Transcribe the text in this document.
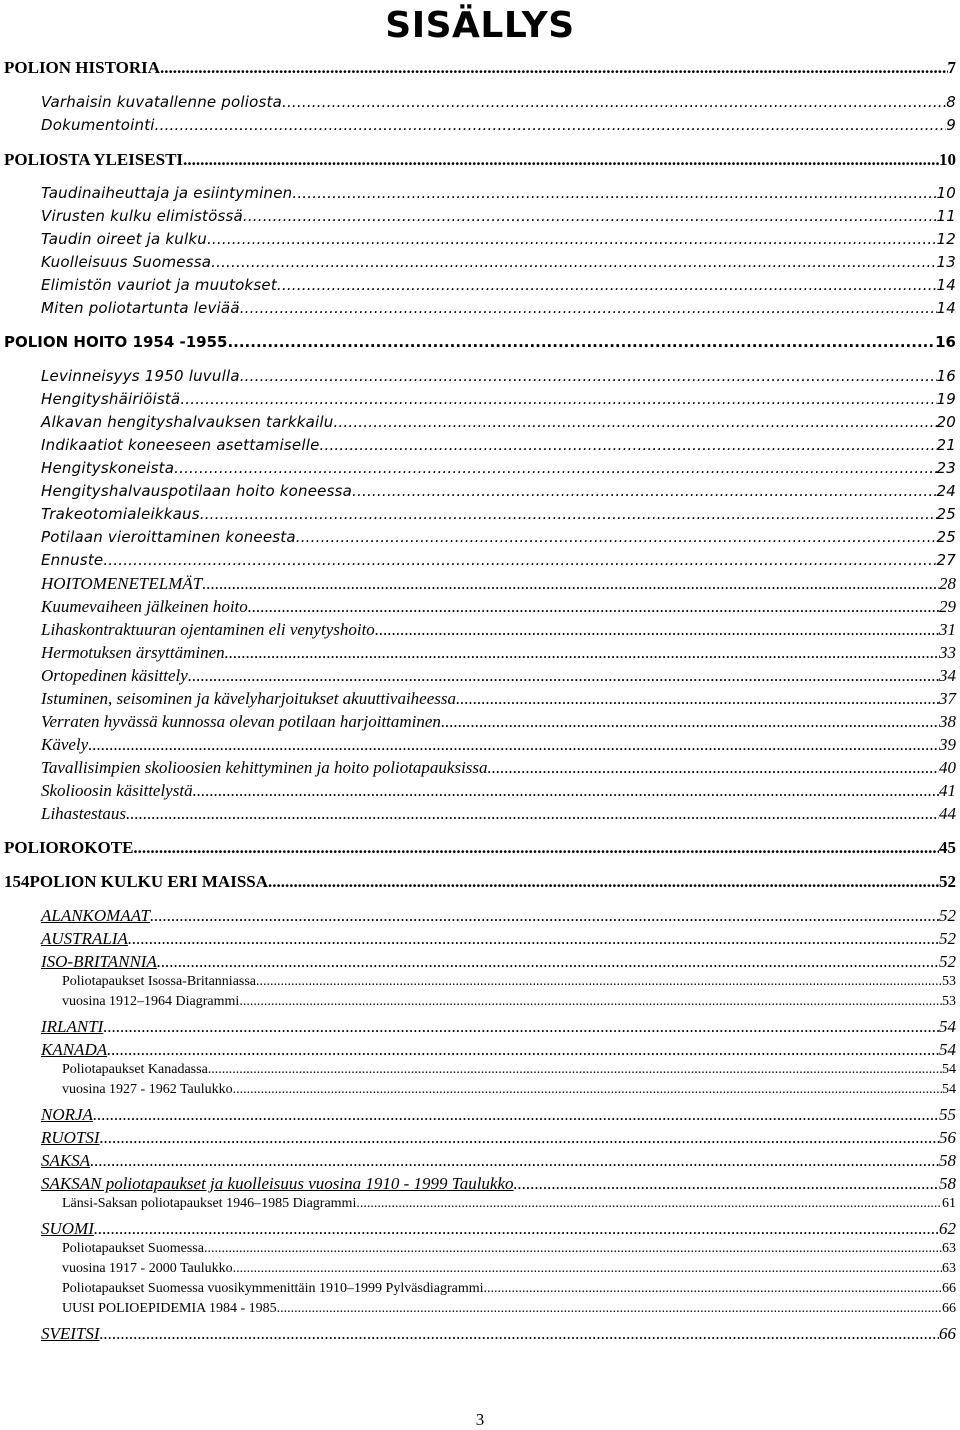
SISÄLLYS
POLION HISTORIA .....	7
Varhaisin kuvatallenne poliosta .....	8
Dokumentointi .....	9
POLIOSTA YLEISESTI .....	10
Taudinaiheuttaja ja esiintyminen .....	10
Virusten kulku elimistössä .....	11
Taudin oireet ja kulku .....	12
Kuolleisuus Suomessa .....	13
Elimistön vauriot ja muutokset .....	14
Miten poliotartunta leviää .....	14
POLION HOITO 1954 -1955 .....	16
Levinneisyys 1950 luvulla .....	16
Hengityshäiriöistä .....	19
Alkavan hengityshalvauksen tarkkailu .....	20
Indikaatiot koneeseen asettamiselle .....	21
Hengityskoneista .....	23
Hengityshalvauspotilaan hoito koneessa .....	24
Trakeotomialeikkaus .....	25
Potilaan vieroittaminen koneesta .....	25
Ennuste .....	27
HOITOMENETELMÄT .....	28
Kuumevaiheen jälkeinen hoito .....	29
Lihaskontraktuuran ojentaminen eli venytyshoito .....	31
Hermotuksen ärsyttäminen .....	33
Ortopedinen käsittely .....	34
Istuminen, seisominen ja kävelyharjoitukset akuuttivaiheessa .....	37
Verraten hyvässä kunnossa olevan potilaan harjoittaminen .....	38
Kävely .....	39
Tavallisimpien skolioosien kehittyminen ja hoito poliotapauksissa .....	40
Skolioosin käsittelystä .....	41
Lihastestaus .....	44
POLIOROKOTE .....	45
154POLION KULKU ERI MAISSA .....	52
ALANKOMAAT .....	52
AUSTRALIA .....	52
ISO-BRITANNIA .....	52
Poliotapaukset Isossa-Britanniassa .....	53
vuosina 1912–1964 Diagrammi .....	53
IRLANTI .....	54
KANADA .....	54
Poliotapaukset Kanadassa .....	54
vuosina 1927 - 1962 Taulukko .....	54
NORJA .....	55
RUOTSI .....	56
SAKSA .....	58
SAKSAN poliotapaukset ja kuolleisuus vuosina 1910 - 1999 Taulukko .....	58
Länsi-Saksan poliotapaukset 1946–1985 Diagrammi .....	61
SUOMI .....	62
Poliotapaukset Suomessa .....	63
vuosina 1917 - 2000 Taulukko .....	63
Poliotapaukset Suomessa vuosikymmenittäin 1910–1999 Pylväsdiagrammi .....	66
UUSI POLIOEPIDEMIA 1984 - 1985 .....	66
SVEITSI .....	66
3
